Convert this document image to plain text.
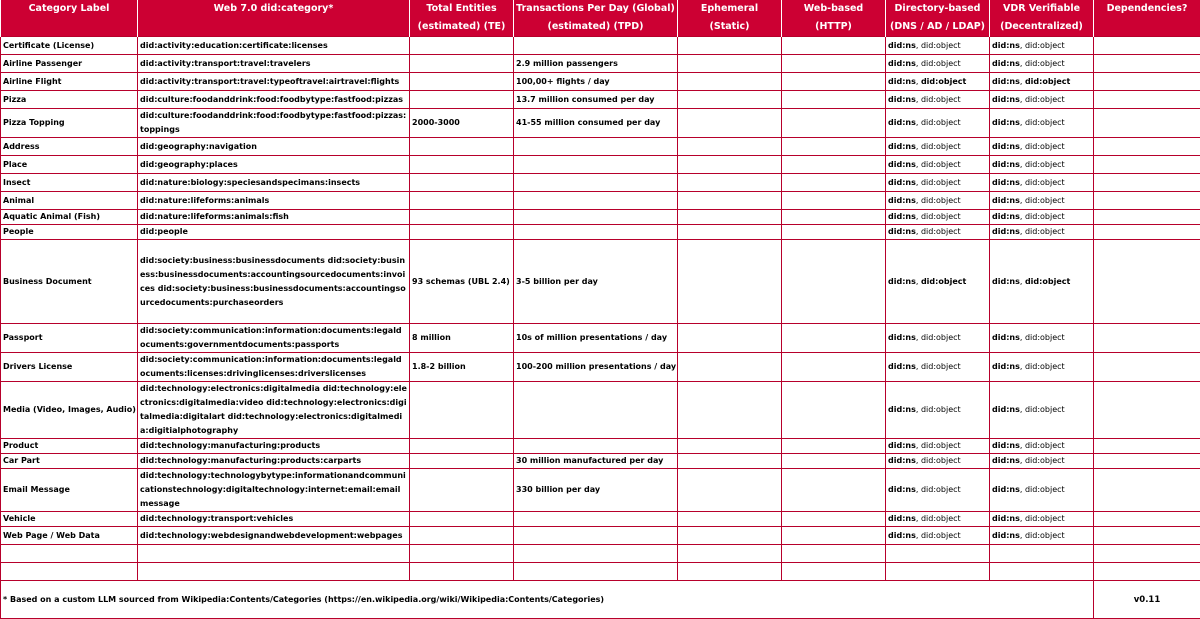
Category Label	Web 7.0 did:category*	Total Entities	Transactions Per Day (Global)	Ephemeral	Web-based	Directory-based	VDR Verifiable	Dependencies?
		(estimated) (TE)	(estimated) (TPD)	(Static)	(HTTP)	(DNS / AD / LDAP)	(Decentralized)	
Certificate (License)	did:activity:education:certificate:licenses					did:ns, did:object	did:ns, did:object	
Airline Passenger	did:activity:transport:travel:travelers		2.9 million passengers			did:ns, did:object	did:ns, did:object	
Airline Flight	did:activity:transport:travel:typeoftravel:airtravel:flights		100,00+ flights / day			did:ns, did:object	did:ns, did:object	
Pizza	did:culture:foodanddrink:food:foodbytype:fastfood:pizzas		13.7 million consumed per day			did:ns, did:object	did:ns, did:object	
Pizza Topping	did:culture:foodanddrink:food:foodbytype:fastfood:pizzas:toppings	2000-3000	41-55 million consumed per day			did:ns, did:object	did:ns, did:object	
Address	did:geography:navigation					did:ns, did:object	did:ns, did:object	
Place	did:geography:places					did:ns, did:object	did:ns, did:object	
Insect	did:nature:biology:speciesandspecimans:insects					did:ns, did:object	did:ns, did:object	
Animal	did:nature:lifeforms:animals					did:ns, did:object	did:ns, did:object	
Aquatic Animal (Fish)	did:nature:lifeforms:animals:fish					did:ns, did:object	did:ns, did:object	
People	did:people					did:ns, did:object	did:ns, did:object	
Business Document	did:society:business:businessdocuments did:society:business:businessdocuments:accountingsourcedocuments:invoices did:society:business:businessdocuments:accountingsourcedocuments:purchaseorders	93 schemas (UBL 2.4)	3-5 billion per day			did:ns, did:object	did:ns, did:object	
Passport	did:society:communication:information:documents:legaldocuments:governmentdocuments:passports	8 million	10s of million presentations / day			did:ns, did:object	did:ns, did:object	
Drivers License	did:society:communication:information:documents:legaldocuments:licenses:drivinglicenses:driverslicenses	1.8-2 billion	100-200 million presentations / day			did:ns, did:object	did:ns, did:object	
Media (Video, Images, Audio)	did:technology:electronics:digitalmedia did:technology:electronics:digitalmedia:video did:technology:electronics:digitalmedia:digitalart did:technology:electronics:digitalmedia:digitialphotography					did:ns, did:object	did:ns, did:object	
Product	did:technology:manufacturing:products					did:ns, did:object	did:ns, did:object	
Car Part	did:technology:manufacturing:products:carparts		30 million manufactured per day			did:ns, did:object	did:ns, did:object	
Email Message	did:technology:technologybytype:informationandcommunicationstechnology:digitaltechnology:internet:email:emailmessage		330 billion per day			did:ns, did:object	did:ns, did:object	
Vehicle	did:technology:transport:vehicles					did:ns, did:object	did:ns, did:object	
Web Page / Web Data	did:technology:webdesignandwebdevelopment:webpages					did:ns, did:object	did:ns, did:object	

* Based on a custom LLM sourced from Wikipedia:Contents/Categories (https://en.wikipedia.org/wiki/Wikipedia:Contents/Categories)								v0.11
